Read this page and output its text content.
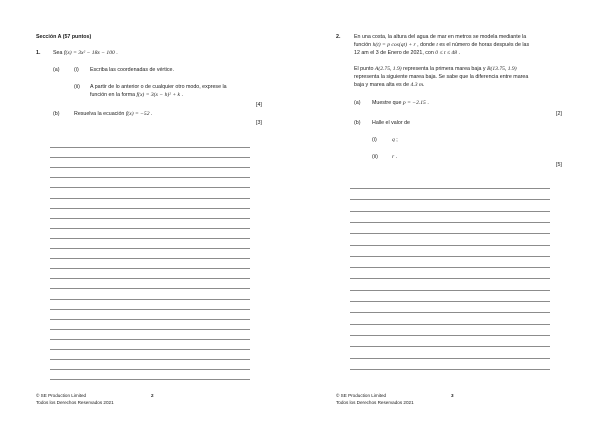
Sección A (57 puntos)
1. Sea f(x) = 3x² − 18x − 100 .
(a)	(i) Escriba las coordenadas de vértice.
(ii) A partir de lo anterior o de cualquier otro modo, exprese la
función en la forma f(x) = 3(x − h)² + k .
[4]
(b)	Resuelva la ecuación f(x) = −52 .
[3]
© SE Production Limited
Todos los Derechos Reservados 2021
2
2.	En una costa, la altura del agua de mar en metros se modela mediante la
función h(t) = p cos(qt) + r , donde t es el número de horas después de las
12 am el 3 de Enero de 2021, con 0 ≤ t ≤ 48 .
El punto A(2.75, 1.9) representa la primera marea baja y B(13.75, 1.9)
representa la siguiente marea baja. Se sabe que la diferencia entre marea
baja y marea alta es de 4.3 m.
(a) Muestre que p = −2.15 .
[2]
(b) Halle el valor de
(i)	q ;
(ii)	r .
[5]
© SE Production Limited
Todos los Derechos Reservados 2021
3
